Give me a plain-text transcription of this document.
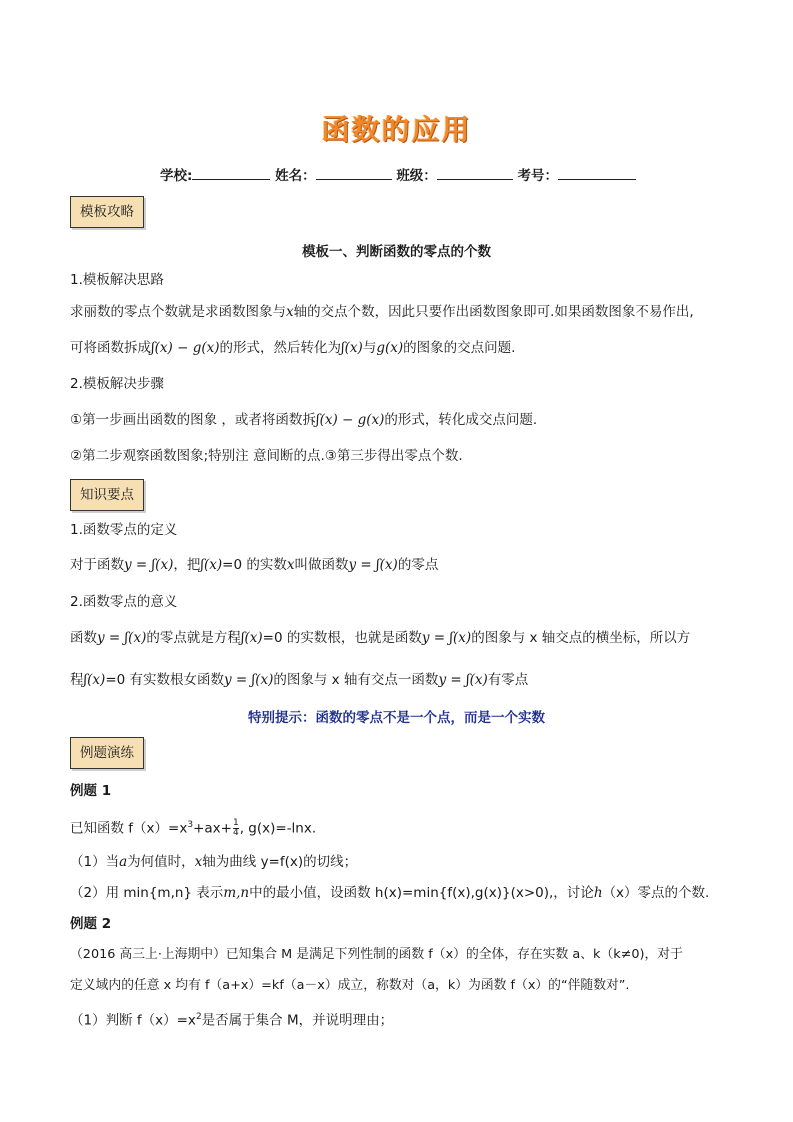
函数的应用
学校:	姓名：	班级：	考号：
模板攻略
模板一、判断函数的零点的个数
1.模板解决思路
求丽数的零点个数就是求函数图象与x轴的交点个数，因此只要作出函数图象即可.如果函数图象不易作出,
可将函数拆成ʃ(x) − g(x)的形式，然后转化为ʃ(x)与g(x)的图象的交点问题.
2.模板解决步骤
①第一步画出函数的图象 ，或者将函数拆ʃ(x) − g(x)的形式，转化成交点问题.
②第二步观察函数图象;特别注 意间断的点.③第三步得出零点个数.
知识要点
1.函数零点的定义
对于函数y = ʃ(x)，把ʃ(x)=0 的实数x叫做函数y = ʃ(x)的零点
2.函数零点的意义
函数y = ʃ(x)的零点就是方程ʃ(x)=0 的实数根，也就是函数y = ʃ(x)的图象与 x 轴交点的横坐标，所以方
程ʃ(x)=0 有实数根女函数y = ʃ(x)的图象与 x 轴有交点一函数y = ʃ(x)有零点
特别提示：函数的零点不是一个点，而是一个实数
例题演练
例题 1
已知函数 $f(x)=x^3+ax+ \frac{1}{4}$ , g(x)=-lnx.
（1）当a为何值时，x轴为曲线 y=f(x)的切线；
（2）用 min{m,n} 表示m,n中的最小值，设函数 h(x)=min{f(x),g(x)}(x>0),，讨论h（x）零点的个数.
例题 2
（2016 高三上·上海期中）已知集合 M 是满足下列性制的函数 f（x）的全体，存在实数 a、k（k≠0)，对于
定义域内的任意 x 均有 f（a+x）=kf（a－x）成立，称数对（a，k）为函数 f（x）的“伴随数对”.
（1）判断 $f(x)=x^2$是否属于集合 M，并说明理由；
